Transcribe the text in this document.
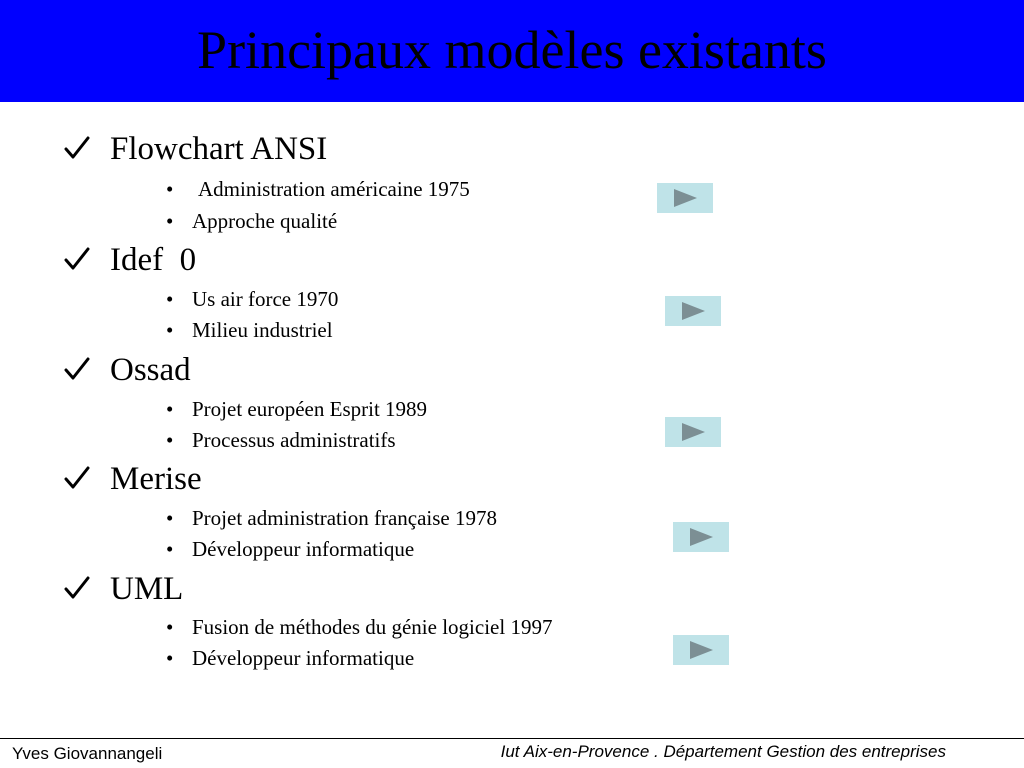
Principaux modèles existants
Flowchart ANSI
• Administration américaine 1975
• Approche qualité
Idef  0
• Us air force 1970
• Milieu industriel
Ossad
• Projet européen Esprit 1989
• Processus administratifs
Merise
• Projet administration française 1978
• Développeur informatique
UML
• Fusion de méthodes du génie logiciel 1997
• Développeur informatique
Yves Giovannangeli	Iut Aix-en-Provence . Département Gestion des entreprises
